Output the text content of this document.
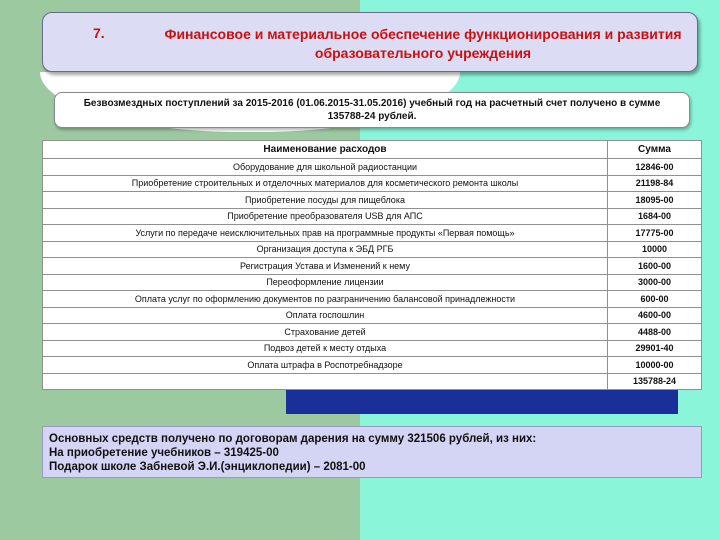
7.	Финансовое и материальное обеспечение функционирования и развития образовательного учреждения
Безвозмездных поступлений за 2015-2016 (01.06.2015-31.05.2016) учебный год на расчетный счет получено в сумме 135788-24 рублей.
Наименование расходов	Сумма
Оборудование для школьной радиостанции	12846-00
Приобретение строительных и отделочных материалов для косметического ремонта школы	21198-84
Приобретение посуды для пищеблока	18095-00
Приобретение преобразователя USB для АПС	1684-00
Услуги по передаче неисключительных прав на программные продукты «Первая помощь»	17775-00
Организация доступа к ЭБД РГБ	10000
Регистрация Устава и Изменений к нему	1600-00
Переоформление лицензии	3000-00
Оплата услуг по оформлению документов по разграничению балансовой принадлежности	600-00
Оплата госпошлин	4600-00
Страхование детей	4488-00
Подвоз детей к месту отдыха	29901-40
Оплата штрафа в Роспотребнадзоре	10000-00
	135788-24
Основных средств получено по договорам дарения на сумму 321506 рублей, из них:
На приобретение учебников – 319425-00
Подарок школе Забневой Э.И.(энциклопедии) – 2081-00
